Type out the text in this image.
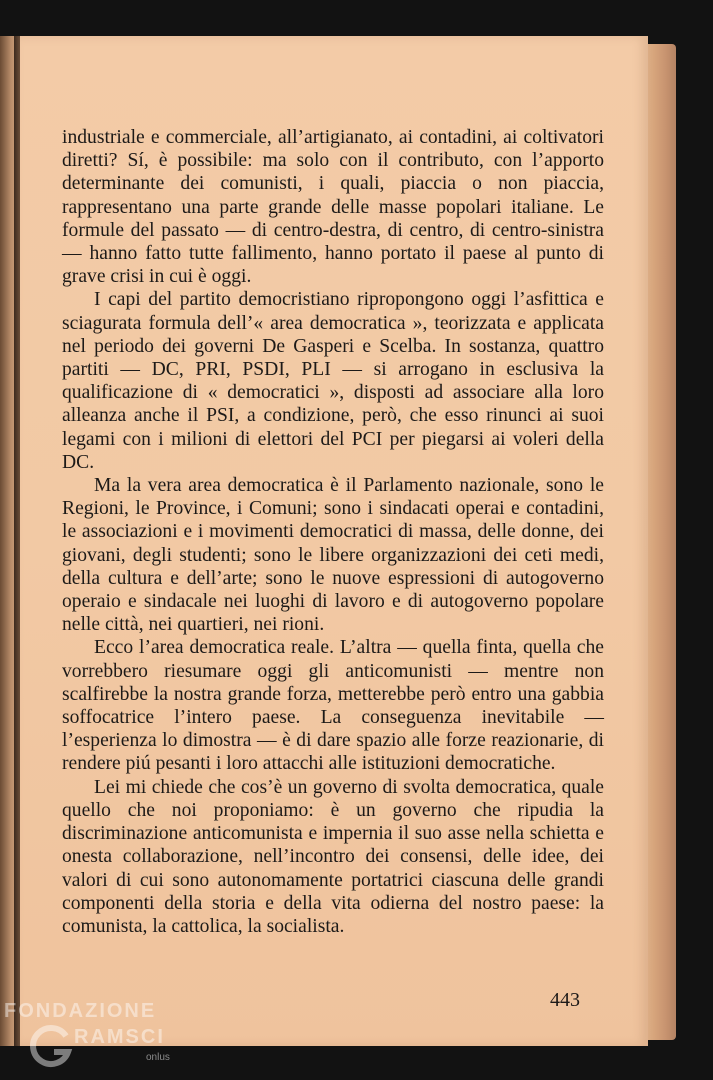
industriale e commerciale, all’artigianato, ai contadini, ai coltivatori diretti? Sí, è possibile: ma solo con il contributo, con l’apporto determinante dei comunisti, i quali, piaccia o non piaccia, rappresentano una parte grande delle masse popolari italiane. Le formule del passato — di centro-destra, di centro, di centro-sinistra — hanno fatto tutte fallimento, hanno portato il paese al punto di grave crisi in cui è oggi.

I capi del partito democristiano ripropongono oggi l’asfittica e sciagurata formula dell’« area democratica », teorizzata e applicata nel periodo dei governi De Gasperi e Scelba. In sostanza, quattro partiti — DC, PRI, PSDI, PLI — si arrogano in esclusiva la qualificazione di « democratici », disposti ad associare alla loro alleanza anche il PSI, a condizione, però, che esso rinunci ai suoi legami con i milioni di elettori del PCI per piegarsi ai voleri della DC.

Ma la vera area democratica è il Parlamento nazionale, sono le Regioni, le Province, i Comuni; sono i sindacati operai e contadini, le associazioni e i movimenti democratici di massa, delle donne, dei giovani, degli studenti; sono le libere organizzazioni dei ceti medi, della cultura e dell’arte; sono le nuove espressioni di autogoverno operaio e sindacale nei luoghi di lavoro e di autogoverno popolare nelle città, nei quartieri, nei rioni.

Ecco l’area democratica reale. L’altra — quella finta, quella che vorrebbero riesumare oggi gli anticomunisti — mentre non scalfirebbe la nostra grande forza, metterebbe però entro una gabbia soffocatrice l’intero paese. La conseguenza inevitabile — l’esperienza lo dimostra — è di dare spazio alle forze reazionarie, di rendere piú pesanti i loro attacchi alle istituzioni democratiche.

Lei mi chiede che cos’è un governo di svolta democratica, quale quello che noi proponiamo: è un governo che ripudia la discriminazione anticomunista e impernia il suo asse nella schietta e onesta collaborazione, nell’incontro dei consensi, delle idee, dei valori di cui sono autonomamente portatrici ciascuna delle grandi componenti della storia e della vita odierna del nostro paese: la comunista, la cattolica, la socialista.

443
FONDAZIONE
RAMSCI
onlus
